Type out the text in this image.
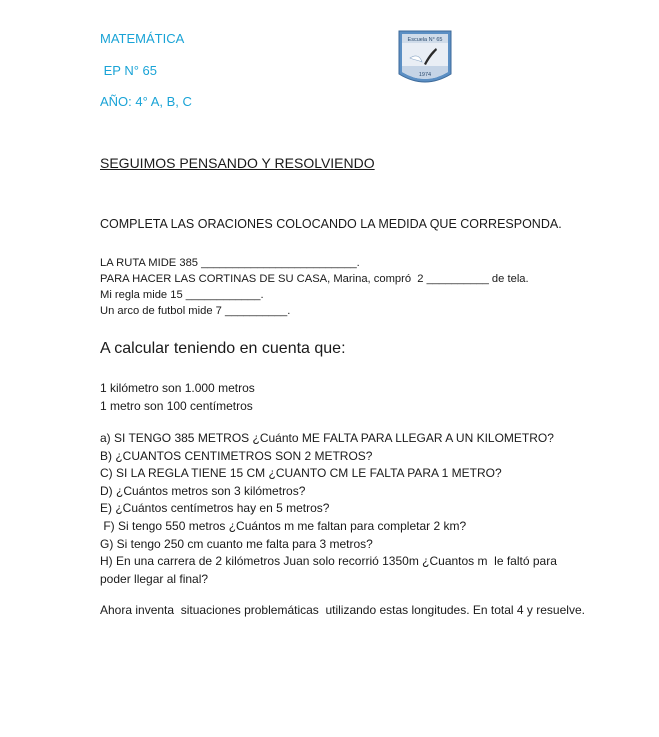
MATEMÁTICA
EP N° 65
AÑO: 4° A, B, C
Escuela N° 65
1974
SEGUIMOS PENSANDO Y RESOLVIENDO
COMPLETA LAS ORACIONES COLOCANDO LA MEDIDA QUE CORRESPONDA.
LA RUTA MIDE 385 _________________________.
PARA HACER LAS CORTINAS DE SU CASA, Marina, compró  2 __________ de tela.
Mi regla mide 15 ____________.
Un arco de futbol mide 7 __________.
A calcular teniendo en cuenta que:
1 kilómetro son 1.000 metros
1 metro son 100 centímetros
a) SI TENGO 385 METROS ¿Cuánto ME FALTA PARA LLEGAR A UN KILOMETRO?
B) ¿CUANTOS CENTIMETROS SON 2 METROS?
C) SI LA REGLA TIENE 15 CM ¿CUANTO CM LE FALTA PARA 1 METRO?
D) ¿Cuántos metros son 3 kilómetros?
E) ¿Cuántos centímetros hay en 5 metros?
F) Si tengo 550 metros ¿Cuántos m me faltan para completar 2 km?
G) Si tengo 250 cm cuanto me falta para 3 metros?
H) En una carrera de 2 kilómetros Juan solo recorrió 1350m ¿Cuantos m  le faltó para
poder llegar al final?
Ahora inventa  situaciones problemáticas  utilizando estas longitudes. En total 4 y resuelve.
